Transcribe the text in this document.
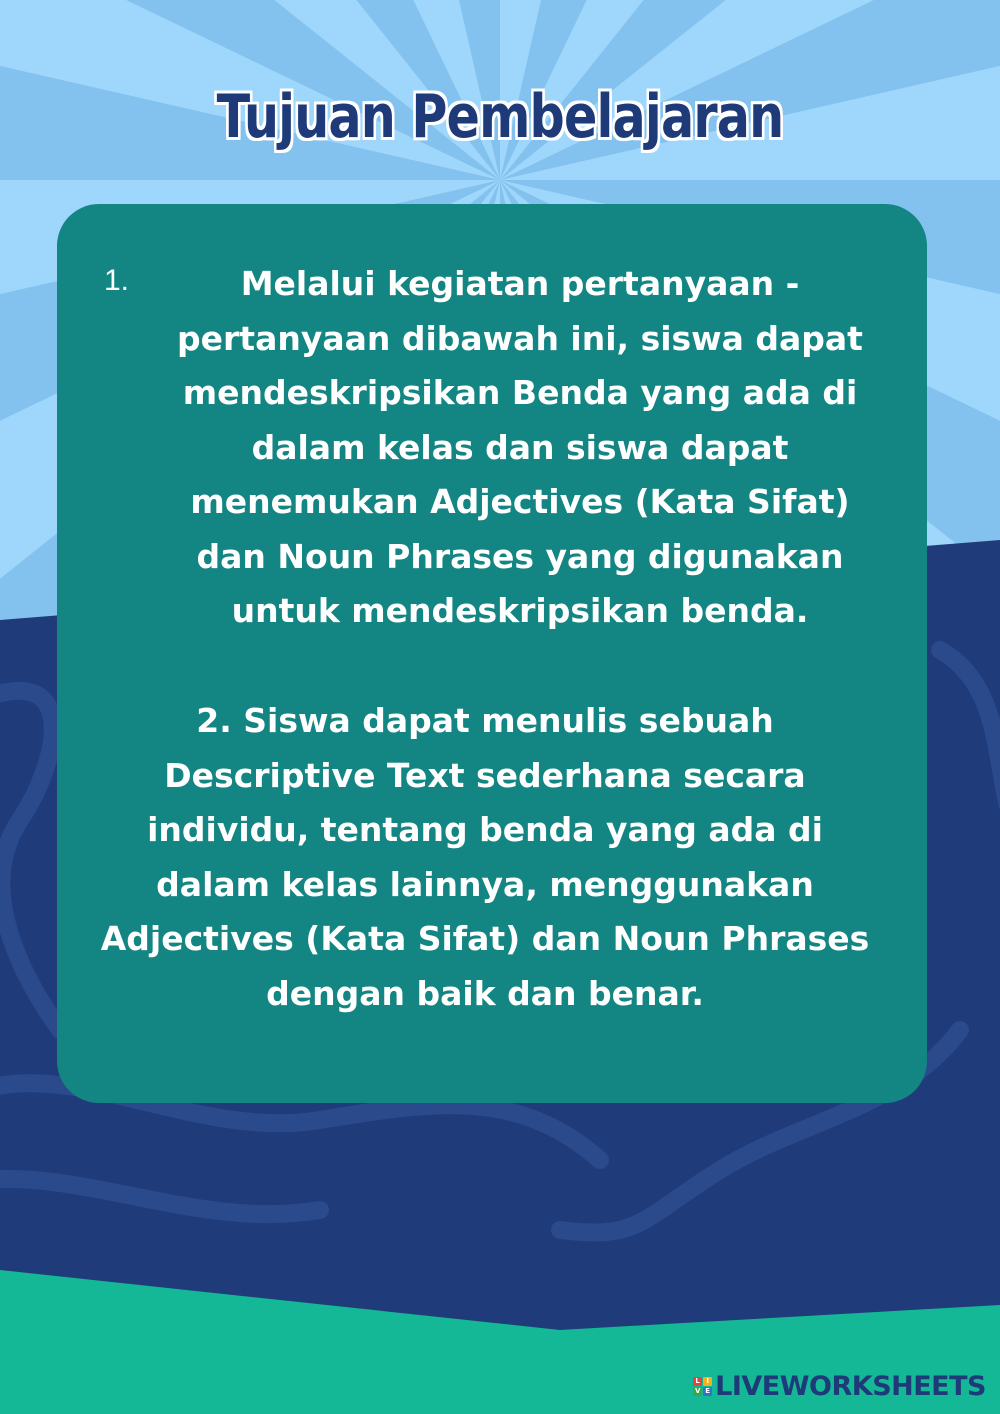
Tujuan Pembelajaran
1.	Melalui kegiatan pertanyaan -
pertanyaan dibawah ini, siswa dapat
mendeskripsikan Benda yang ada di
dalam kelas dan siswa dapat
menemukan Adjectives (Kata Sifat)
dan Noun Phrases yang digunakan
untuk mendeskripsikan benda.
2. Siswa dapat menulis sebuah
Descriptive Text sederhana secara
individu, tentang benda yang ada di
dalam kelas lainnya, menggunakan
Adjectives (Kata Sifat) dan Noun Phrases
dengan baik dan benar.
L I
V E LIVEWORKSHEETS
